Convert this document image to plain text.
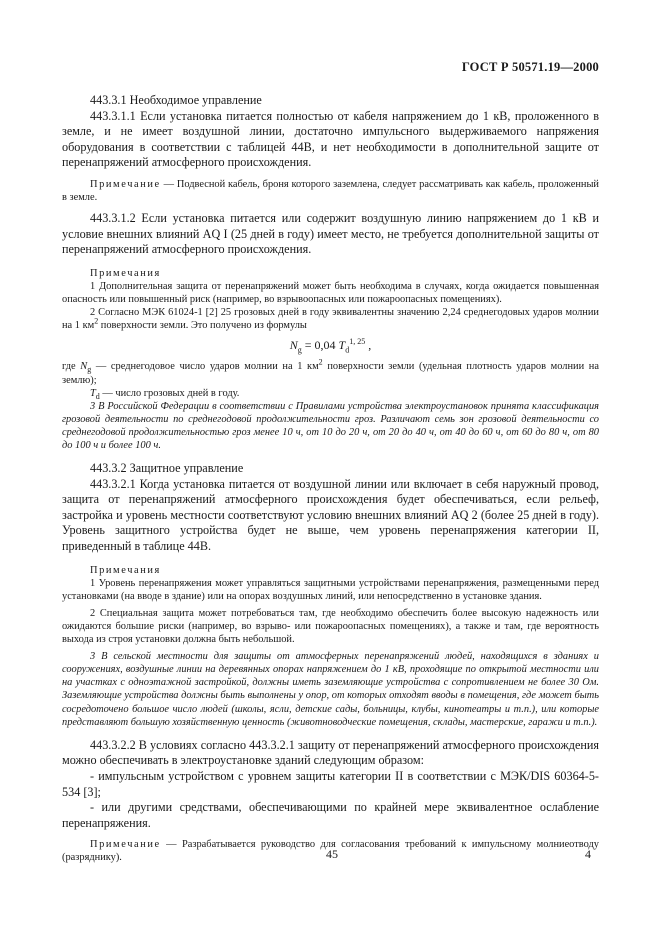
ГОСТ Р 50571.19—2000

443.3.1 Необходимое управление

443.3.1.1 Если установка питается полностью от кабеля напряжением до 1 кВ, проложенного в земле, и не имеет воздушной линии, достаточно импульсного выдерживаемого напряжения оборудования в соответствии с таблицей 44В, и нет необходимости в дополнительной защите от перенапряжений атмосферного происхождения.

Примечание — Подвесной кабель, броня которого заземлена, следует рассматривать как кабель, проложенный в земле.

443.3.1.2 Если установка питается или содержит воздушную линию напряжением до 1 кВ и условие внешних влияний AQ I (25 дней в году) имеет место, не требуется дополнительной защиты от перенапряжений атмосферного происхождения.

Примечания

1 Дополнительная защита от перенапряжений может быть необходима в случаях, когда ожидается повышенная опасность или повышенный риск (например, во взрывоопасных или пожароопасных помещениях).

2 Согласно МЭК 61024-1 [2] 25 грозовых дней в году эквивалентны значению 2,24 среднегодовых ударов молнии на 1 $км^2$ поверхности земли. Это получено из формулы

$N_g = 0,04$ $T_d^{1, 25}$ ,

где $N_g$ — среднегодовое число ударов молнии на 1 $км^2$ поверхности земли (удельная плотность ударов молнии на землю);

$T_d$ — число грозовых дней в году.

3 В Российской Федерации в соответствии с Правилами устройства электроустановок принята классификация грозовой деятельности по среднегодовой продолжительности гроз. Различают семь зон грозовой деятельности со среднегодовой продолжительностью гроз менее 10 ч, от 10 до 20 ч, от 20 до 40 ч, от 40 до 60 ч, от 60 до 80 ч, от 80 до 100 ч и более 100 ч.

443.3.2 Защитное управление

443.3.2.1 Когда установка питается от воздушной линии или включает в себя наружный провод, защита от перенапряжений атмосферного происхождения будет обеспечиваться, если рельеф, застройка и уровень местности соответствуют условию внешних влияний AQ 2 (более 25 дней в году). Уровень защитного устройства будет не выше, чем уровень перенапряжения категории II, приведенный в таблице 44В.

Примечания

1 Уровень перенапряжения может управляться защитными устройствами перенапряжения, размещенными перед установками (на вводе в здание) или на опорах воздушных линий, или непосредственно в установке здания.

2 Специальная защита может потребоваться там, где необходимо обеспечить более высокую надежность или ожидаются большие риски (например, во взрыво- или пожароопасных помещениях), а также и там, где вероятность выхода из строя установки должна быть небольшой.

3 В сельской местности для защиты от атмосферных перенапряжений людей, находящихся в зданиях и сооружениях, воздушные линии на деревянных опорах напряжением до 1 кВ, проходящие по открытой местности или на участках с одноэтажной застройкой, должны иметь заземляющие устройства с сопротивлением не более 30 Ом. Заземляющие устройства должны быть выполнены у опор, от которых отходят вводы в помещения, где может быть сосредоточено большое число людей (школы, ясли, детские сады, больницы, клубы, кинотеатры и т.п.), или которые представляют большую хозяйственную ценность (животноводческие помещения, склады, мастерские, гаражи и т.п.).

443.3.2.2 В условиях согласно 443.3.2.1 защиту от перенапряжений атмосферного происхождения можно обеспечивать в электроустановке зданий следующим образом:

- импульсным устройством с уровнем защиты категории II в соответствии с МЭК/DIS 60364-5-534 [3];

- или другими средствами, обеспечивающими по крайней мере эквивалентное ослабление перенапряжения.

Примечание — Разрабатывается руководство для согласования требований к импульсному молниеотводу (разряднику).	45	4
